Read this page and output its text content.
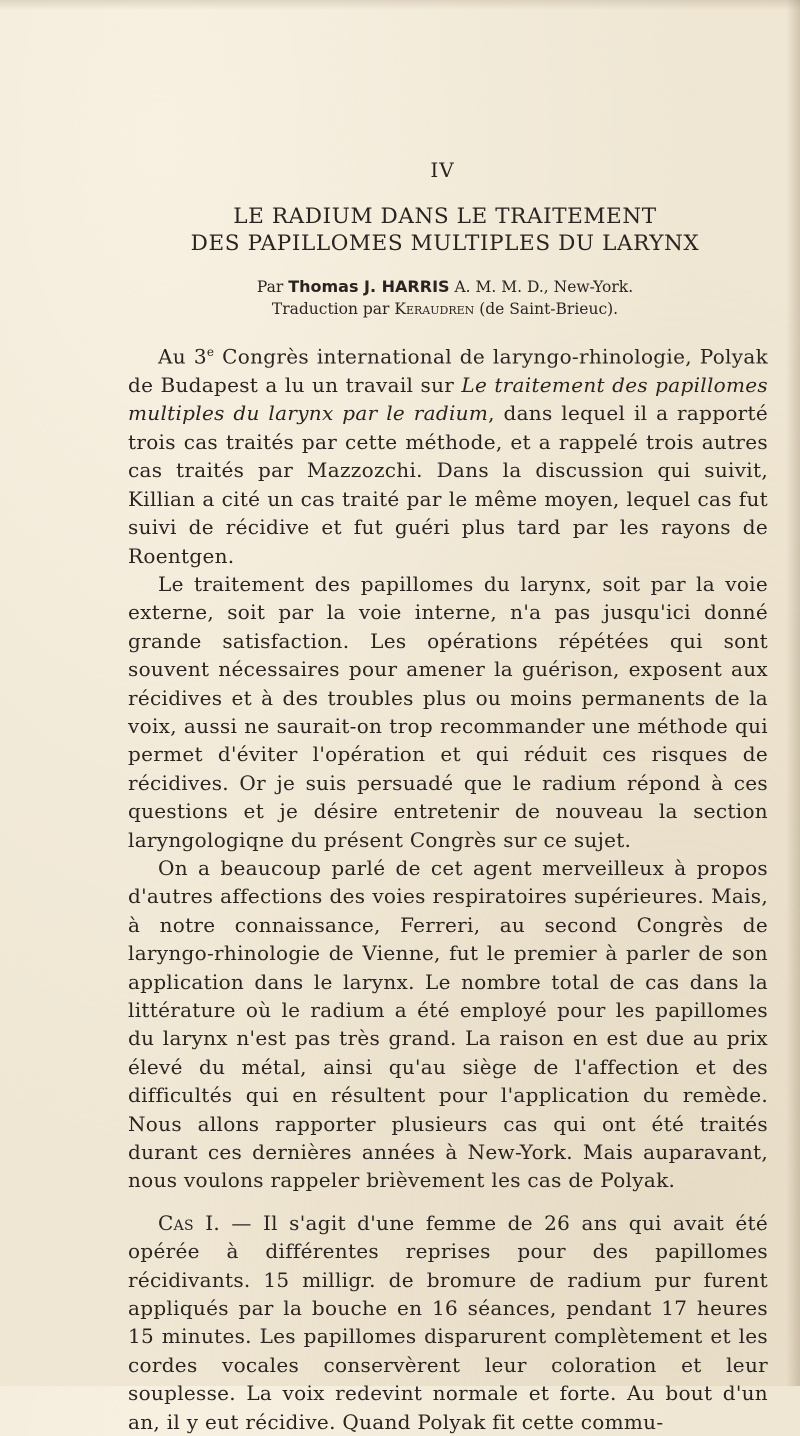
IV
LE RADIUM DANS LE TRAITEMENT
DES PAPILLOMES MULTIPLES DU LARYNX
Par Thomas J. HARRIS A. M. M. D., New-York.
Traduction par Keraudren (de Saint-Brieuc).

Au 3e Congrès international de laryngo-rhinologie, Polyak de Budapest a lu un travail sur Le traitement des papillomes multiples du larynx par le radium, dans lequel il a rapporté trois cas traités par cette méthode, et a rappelé trois autres cas traités par Mazzozchi. Dans la discussion qui suivit, Killian a cité un cas traité par le même moyen, lequel cas fut suivi de récidive et fut guéri plus tard par les rayons de Roentgen.

Le traitement des papillomes du larynx, soit par la voie externe, soit par la voie interne, n'a pas jusqu'ici donné grande satisfaction. Les opérations répétées qui sont souvent nécessaires pour amener la guérison, exposent aux récidives et à des troubles plus ou moins permanents de la voix, aussi ne saurait-on trop recommander une méthode qui permet d'éviter l'opération et qui réduit ces risques de récidives. Or je suis persuadé que le radium répond à ces questions et je désire entretenir de nouveau la section laryngologiqne du présent Congrès sur ce sujet.

On a beaucoup parlé de cet agent merveilleux à propos d'autres affections des voies respiratoires supérieures. Mais, à notre connaissance, Ferreri, au second Congrès de laryngo-rhinologie de Vienne, fut le premier à parler de son application dans le larynx. Le nombre total de cas dans la littérature où le radium a été employé pour les papillomes du larynx n'est pas très grand. La raison en est due au prix élevé du métal, ainsi qu'au siège de l'affection et des difficultés qui en résultent pour l'application du remède. Nous allons rapporter plusieurs cas qui ont été traités durant ces dernières années à New-York. Mais auparavant, nous voulons rappeler brièvement les cas de Polyak.

Cas I. — Il s'agit d'une femme de 26 ans qui avait été opérée à différentes reprises pour des papillomes récidivants. 15 milligr. de bromure de radium pur furent appliqués par la bouche en 16 séances, pendant 17 heures 15 minutes. Les papillomes disparurent complètement et les cordes vocales conservèrent leur coloration et leur souplesse. La voix redevint normale et forte. Au bout d'un an, il y eut récidive. Quand Polyak fit cette commu-
